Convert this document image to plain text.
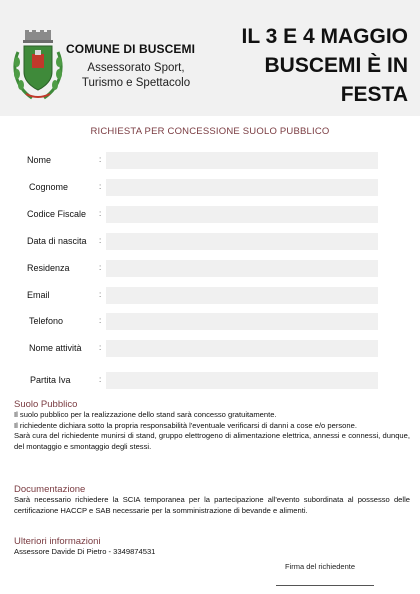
COMUNE DI BUSCEMI
Assessorato Sport,
Turismo e Spettacolo
IL 3 E 4 MAGGIO
BUSCEMI È IN
FESTA
RICHIESTA PER CONCESSIONE SUOLO PUBBLICO
Nome	:
Cognome	:
Codice Fiscale :
Data di nascita :
Residenza	:
Email	:
Telefono	:
Nome attività :
Partita Iva	:
Suolo Pubblico
Il suolo pubblico per la realizzazione dello stand sarà concesso gratuitamente.
Il richiedente dichiara sotto la propria responsabilità l'eventuale verificarsi di danni a cose e/o persone.
Sarà cura del richiedente munirsi di stand, gruppo elettrogeno di alimentazione elettrica, annessi e connessi, dunque, del montaggio e smontaggio degli stessi.
Documentazione
Sarà necessario richiedere la SCIA temporanea per la partecipazione all'evento subordinata al possesso delle certificazione HACCP e SAB necessarie per la somministrazione di bevande e alimenti.
Ulteriori informazioni
Assessore Davide Di Pietro - 3349874531
Firma del richiedente
